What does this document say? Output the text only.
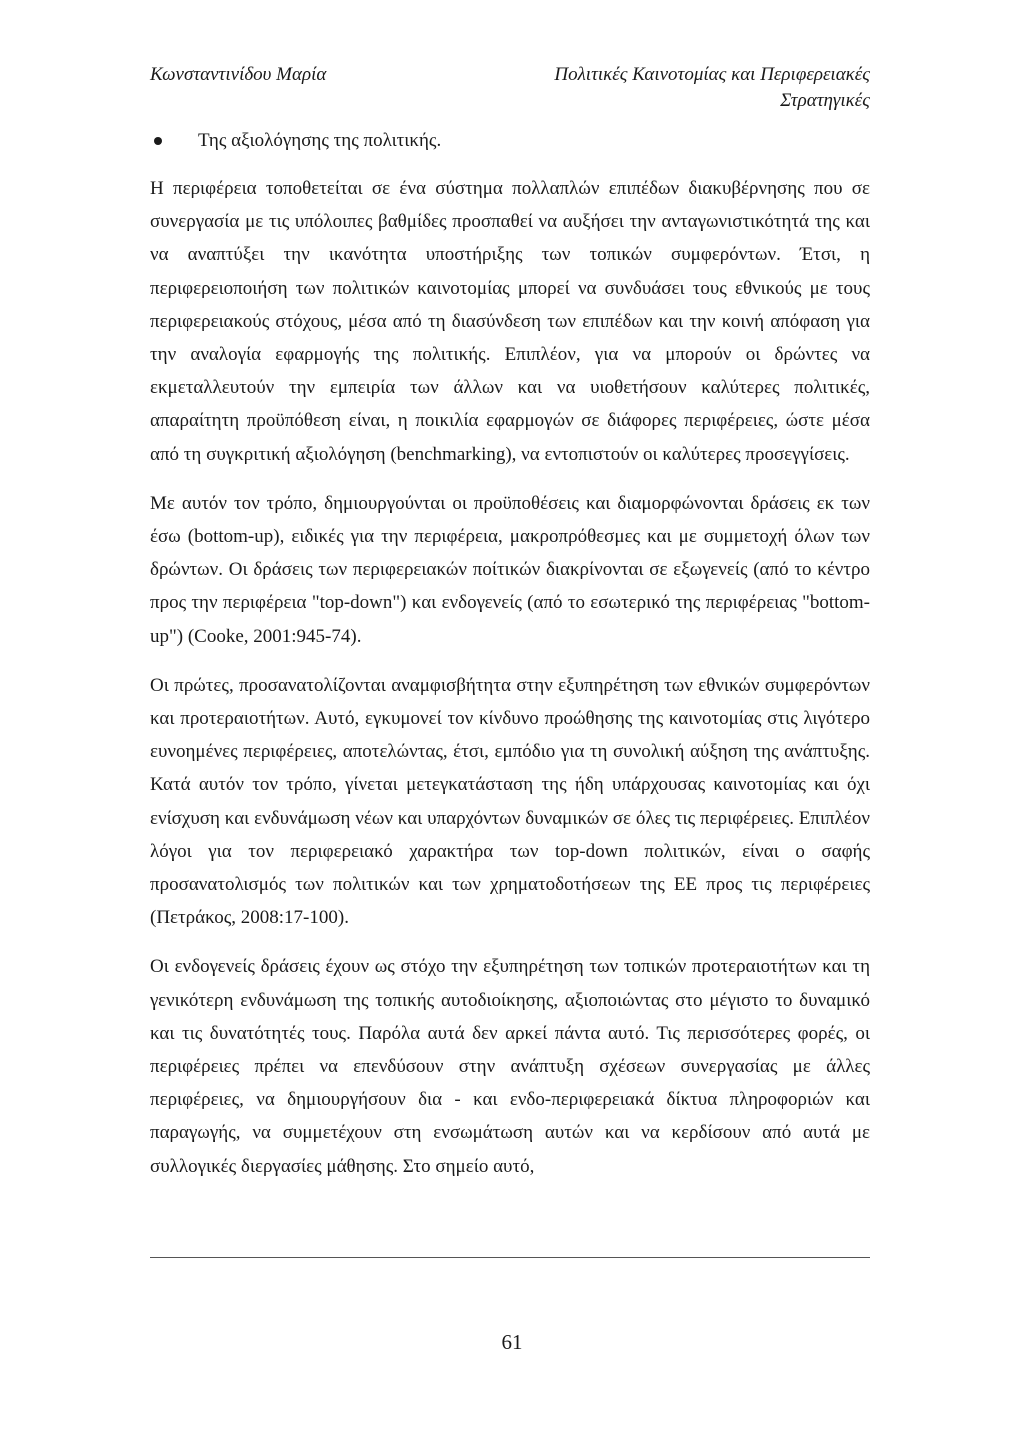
Κωνσταντινίδου Μαρία	Πολιτικές Καινοτομίας και Περιφερειακές
Στρατηγικές
Της αξιολόγησης της πολιτικής.

Η περιφέρεια τοποθετείται σε ένα σύστημα πολλαπλών επιπέδων διακυβέρνησης που σε συνεργασία με τις υπόλοιπες βαθμίδες προσπαθεί να αυξήσει την ανταγωνιστικότητά της και να αναπτύξει την ικανότητα υποστήριξης των τοπικών συμφερόντων. Έτσι, η περιφερειοποιήση των πολιτικών καινοτομίας μπορεί να συνδυάσει τους εθνικούς με τους περιφερειακούς στόχους, μέσα από τη διασύνδεση των επιπέδων και την κοινή απόφαση για την αναλογία εφαρμογής της πολιτικής. Επιπλέον, για να μπορούν οι δρώντες να εκμεταλλευτούν την εμπειρία των άλλων και να υιοθετήσουν καλύτερες πολιτικές, απαραίτητη προϋπόθεση είναι, η ποικιλία εφαρμογών σε διάφορες περιφέρειες, ώστε μέσα από τη συγκριτική αξιολόγηση (benchmarking), να εντοπιστούν οι καλύτερες προσεγγίσεις.

Με αυτόν τον τρόπο, δημιουργούνται οι προϋποθέσεις και διαμορφώνονται δράσεις εκ των έσω (bottom-up), ειδικές για την περιφέρεια, μακροπρόθεσμες και με συμμετοχή όλων των δρώντων. Οι δράσεις των περιφερειακών ποίτικών διακρίνονται σε εξωγενείς (από το κέντρο προς την περιφέρεια "top-down") και ενδογενείς (από το εσωτερικό της περιφέρειας "bottom-up") (Cooke, 2001:945-74).

Οι πρώτες, προσανατολίζονται αναμφισβήτητα στην εξυπηρέτηση των εθνικών συμφερόντων και προτεραιοτήτων. Αυτό, εγκυμονεί τον κίνδυνο προώθησης της καινοτομίας στις λιγότερο ευνοημένες περιφέρειες, αποτελώντας, έτσι, εμπόδιο για τη συνολική αύξηση της ανάπτυξης. Κατά αυτόν τον τρόπο, γίνεται μετεγκατάσταση της ήδη υπάρχουσας καινοτομίας και όχι ενίσχυση και ενδυνάμωση νέων και υπαρχόντων δυναμικών σε όλες τις περιφέρειες. Επιπλέον λόγοι για τον περιφερειακό χαρακτήρα των top-down πολιτικών, είναι ο σαφής προσανατολισμός των πολιτικών και των χρηματοδοτήσεων της ΕΕ προς τις περιφέρειες (Πετράκος, 2008:17-100).

Οι ενδογενείς δράσεις έχουν ως στόχο την εξυπηρέτηση των τοπικών προτεραιοτήτων και τη γενικότερη ενδυνάμωση της τοπικής αυτοδιοίκησης, αξιοποιώντας στο μέγιστο το δυναμικό και τις δυνατότητές τους. Παρόλα αυτά δεν αρκεί πάντα αυτό. Τις περισσότερες φορές, οι περιφέρειες πρέπει να επενδύσουν στην ανάπτυξη σχέσεων συνεργασίας με άλλες περιφέρειες, να δημιουργήσουν δια - και ενδο-περιφερειακά δίκτυα πληροφοριών και παραγωγής, να συμμετέχουν στη ενσωμάτωση αυτών και να κερδίσουν από αυτά με συλλογικές διεργασίες μάθησης. Στο σημείο αυτό,

61
